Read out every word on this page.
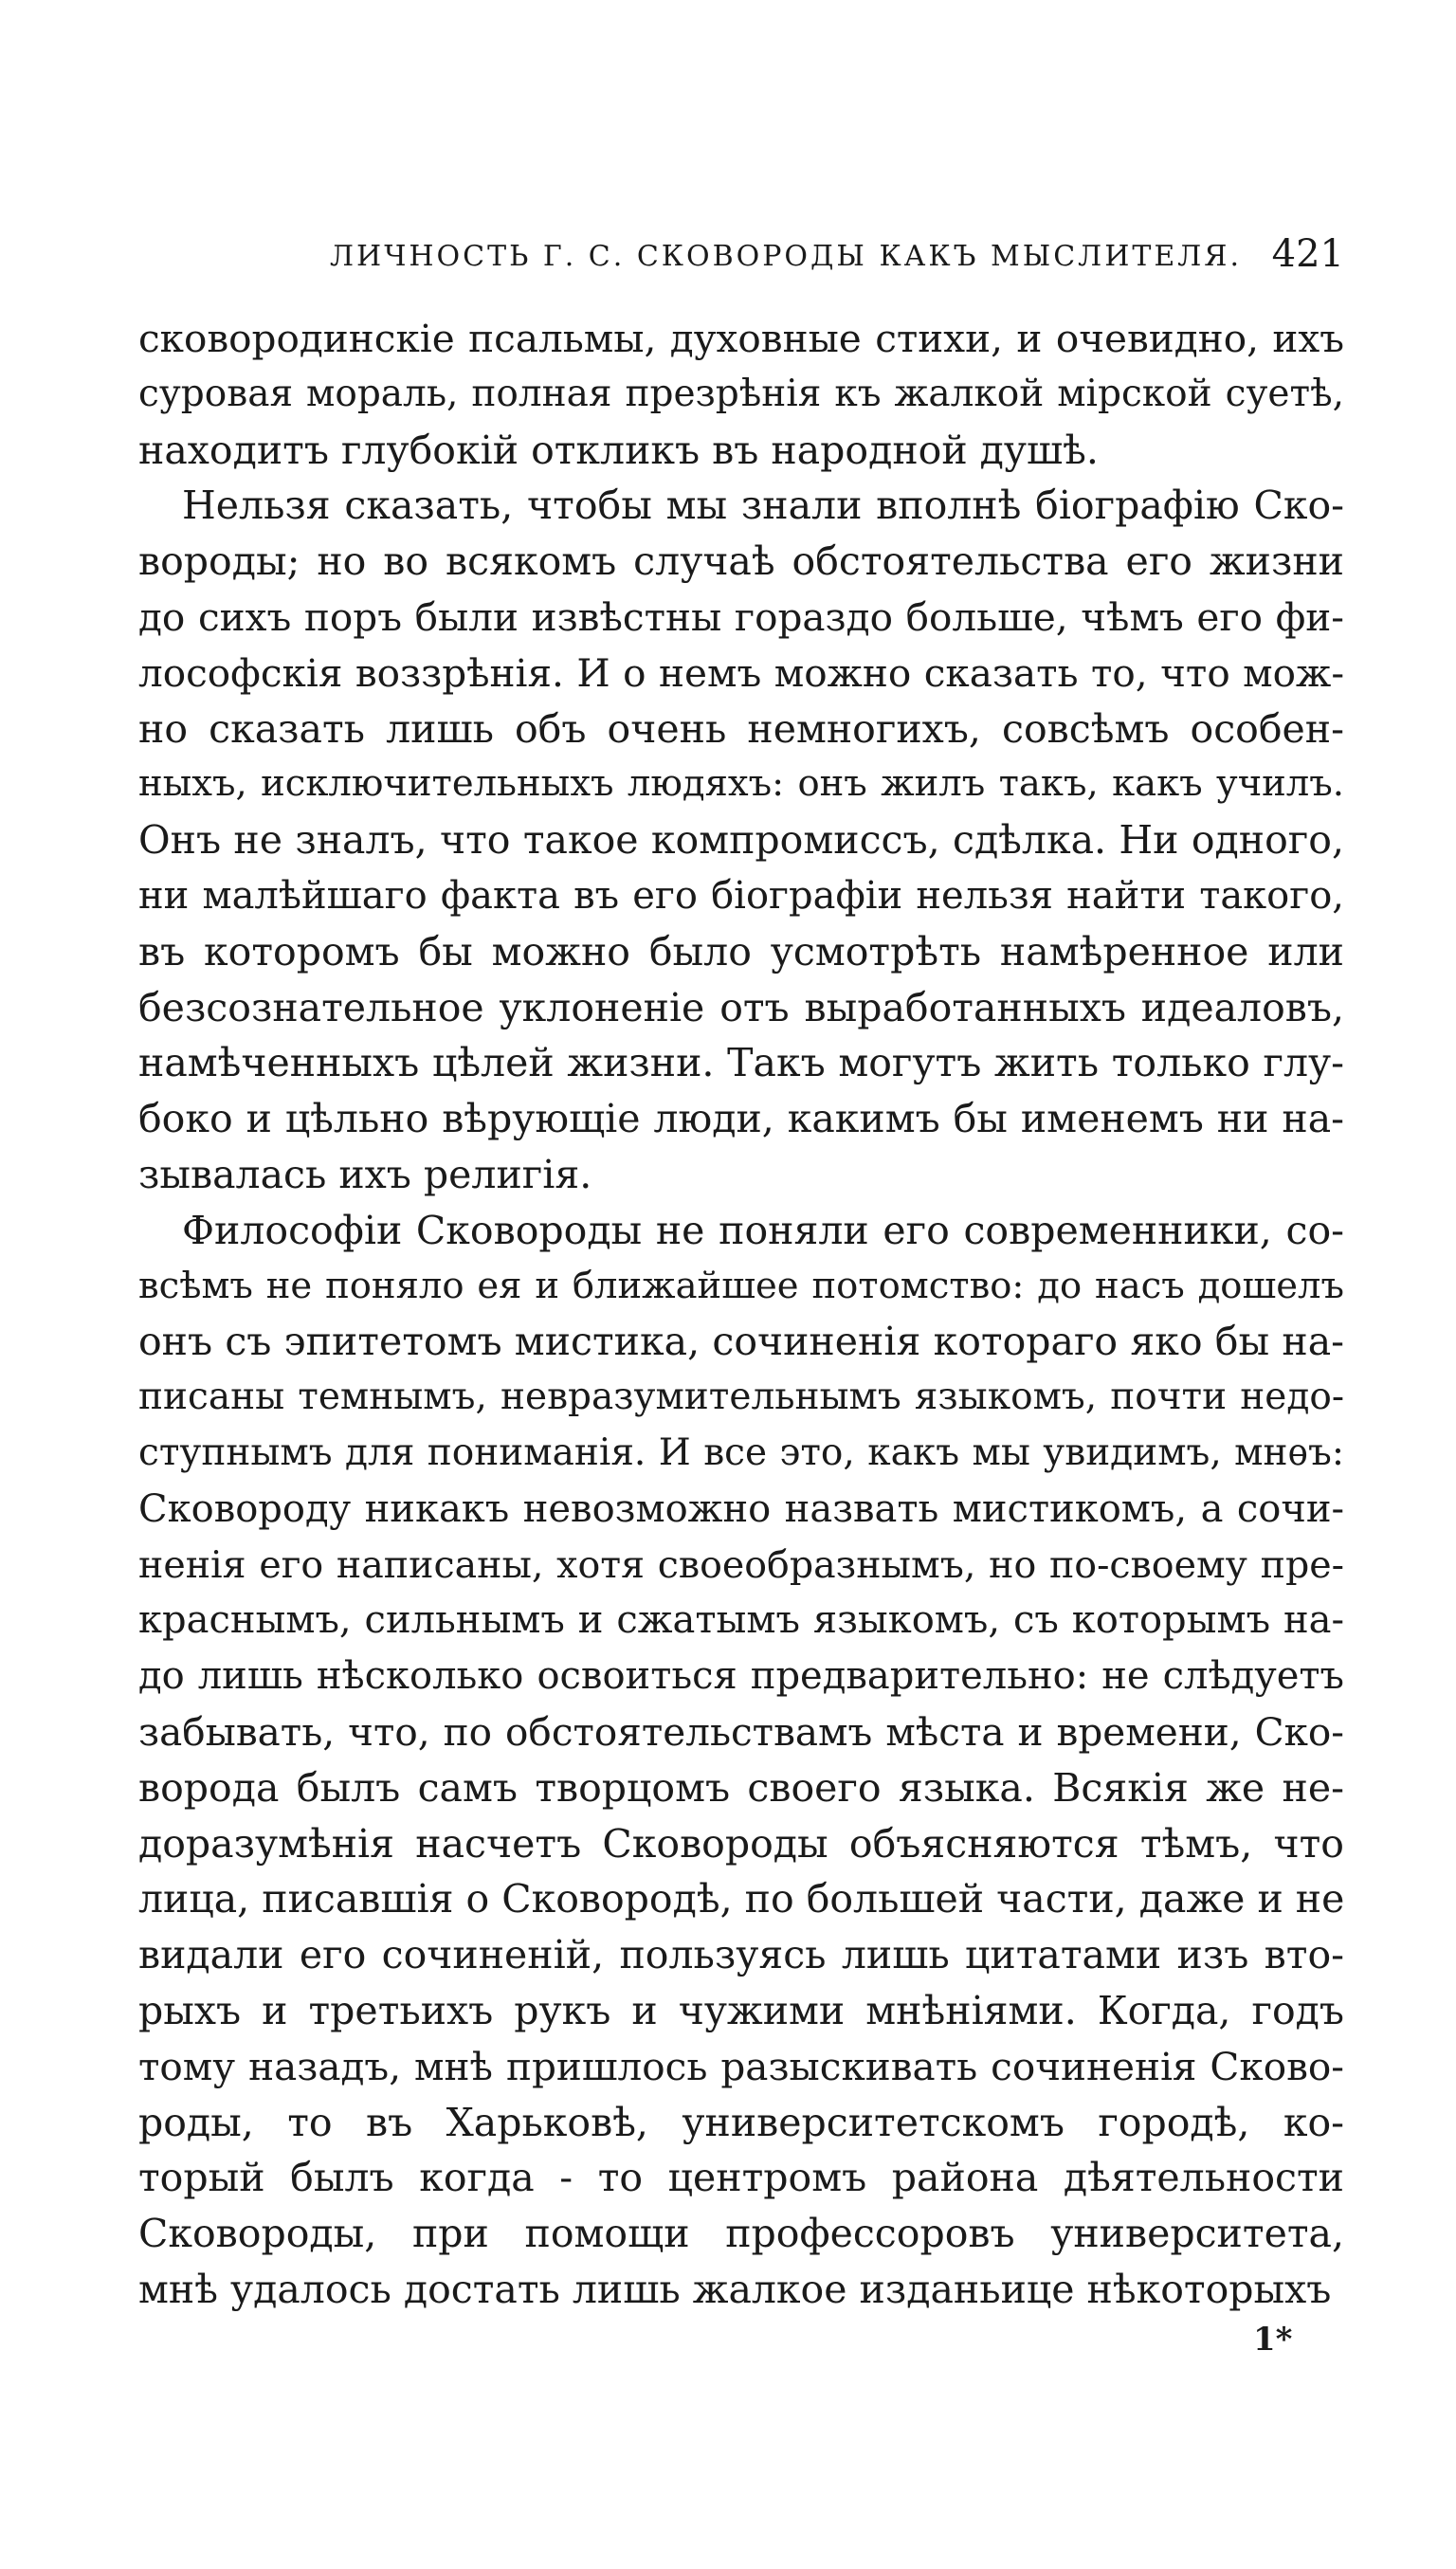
ЛИЧНОСТЬ Г. С. СКОВОРОДЫ КАКЪ МЫСЛИТЕЛЯ. 421
сковородинскіе псальмы, духовные стихи, и очевидно, ихъ
суровая мораль, полная презрѣнія къ жалкой мірской суетѣ,
находитъ глубокій откликъ въ народной душѣ.
Нельзя сказать, чтобы мы знали вполнѣ біографію Ско-
вороды; но во всякомъ случаѣ обстоятельства его жизни
до сихъ поръ были извѣстны гораздо больше, чѣмъ его фи-
лософскія воззрѣнія. И о немъ можно сказать то, что мож-
но сказать лишь объ очень немногихъ, совсѣмъ особен-
ныхъ, исключительныхъ людяхъ: онъ жилъ такъ, какъ училъ.
Онъ не зналъ, что такое компромиссъ, сдѣлка. Ни одного,
ни малѣйшаго факта въ его біографіи нельзя найти такого,
въ которомъ бы можно было усмотрѣть намѣренное или
безсознательное уклоненіе отъ выработанныхъ идеаловъ,
намѣченныхъ цѣлей жизни. Такъ могутъ жить только глу-
боко и цѣльно вѣрующіе люди, какимъ бы именемъ ни на-
зывалась ихъ религія.
Философіи Сковороды не поняли его современники, со-
всѣмъ не поняло ея и ближайшее потомство: до насъ дошелъ
онъ съ эпитетомъ мистика, сочиненія котораго яко бы на-
писаны темнымъ, невразумительнымъ языкомъ, почти недо-
ступнымъ для пониманія. И все это, какъ мы увидимъ, мнѳъ:
Сковороду никакъ невозможно назвать мистикомъ, а сочи-
ненія его написаны, хотя своеобразнымъ, но по-своему пре-
краснымъ, сильнымъ и сжатымъ языкомъ, съ которымъ на-
до лишь нѣсколько освоиться предварительно: не слѣдуетъ
забывать, что, по обстоятельствамъ мѣста и времени, Ско-
ворода былъ самъ творцомъ своего языка. Всякія же не-
доразумѣнія насчетъ Сковороды объясняются тѣмъ, что
лица, писавшія о Сковородѣ, по большей части, даже и не
видали его сочиненій, пользуясь лишь цитатами изъ вто-
рыхъ и третьихъ рукъ и чужими мнѣніями. Когда, годъ
тому назадъ, мнѣ пришлось разыскивать сочиненія Сково-
роды, то въ Харьковѣ, университетскомъ городѣ, ко-
торый былъ когда - то центромъ района дѣятельности
Сковороды, при помощи профессоровъ университета,
мнѣ удалось достать лишь жалкое изданьице нѣкоторыхъ
1*
